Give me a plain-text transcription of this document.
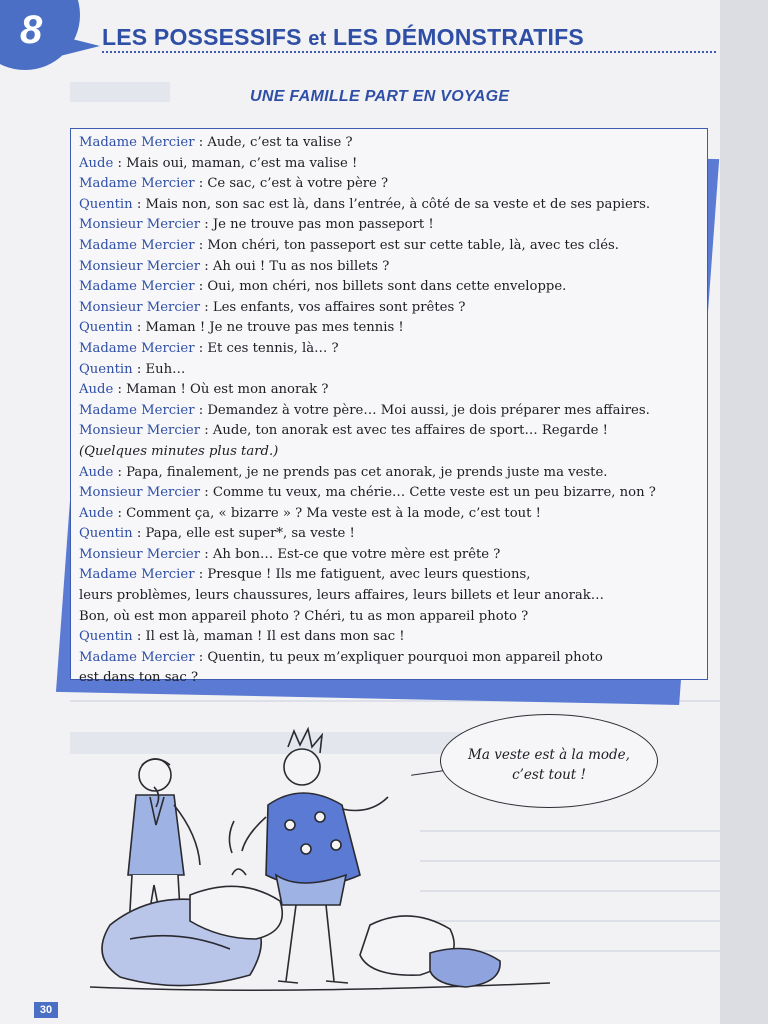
8	LES POSSESSIFS et LES DÉMONSTRATIFS
UNE FAMILLE PART EN VOYAGE
Madame Mercier : Aude, c’est ta valise ?
Aude : Mais oui, maman, c’est ma valise !
Madame Mercier : Ce sac, c’est à votre père ?
Quentin : Mais non, son sac est là, dans l’entrée, à côté de sa veste et de ses papiers.
Monsieur Mercier : Je ne trouve pas mon passeport !
Madame Mercier : Mon chéri, ton passeport est sur cette table, là, avec tes clés.
Monsieur Mercier : Ah oui ! Tu as nos billets ?
Madame Mercier : Oui, mon chéri, nos billets sont dans cette enveloppe.
Monsieur Mercier : Les enfants, vos affaires sont prêtes ?
Quentin : Maman ! Je ne trouve pas mes tennis !
Madame Mercier : Et ces tennis, là… ?
Quentin : Euh…
Aude : Maman ! Où est mon anorak ?
Madame Mercier : Demandez à votre père… Moi aussi, je dois préparer mes affaires.
Monsieur Mercier : Aude, ton anorak est avec tes affaires de sport… Regarde !
(Quelques minutes plus tard.)
Aude : Papa, finalement, je ne prends pas cet anorak, je prends juste ma veste.
Monsieur Mercier : Comme tu veux, ma chérie… Cette veste est un peu bizarre, non ?
Aude : Comment ça, « bizarre » ? Ma veste est à la mode, c’est tout !
Quentin : Papa, elle est super*, sa veste !
Monsieur Mercier : Ah bon… Est-ce que votre mère est prête ?
Madame Mercier : Presque ! Ils me fatiguent, avec leurs questions,
leurs problèmes, leurs chaussures, leurs affaires, leurs billets et leur anorak…
Bon, où est mon appareil photo ? Chéri, tu as mon appareil photo ?
Quentin : Il est là, maman ! Il est dans mon sac !
Madame Mercier : Quentin, tu peux m’expliquer pourquoi mon appareil photo
est dans ton sac ?
Ma veste est à la mode,
c’est tout !
30
